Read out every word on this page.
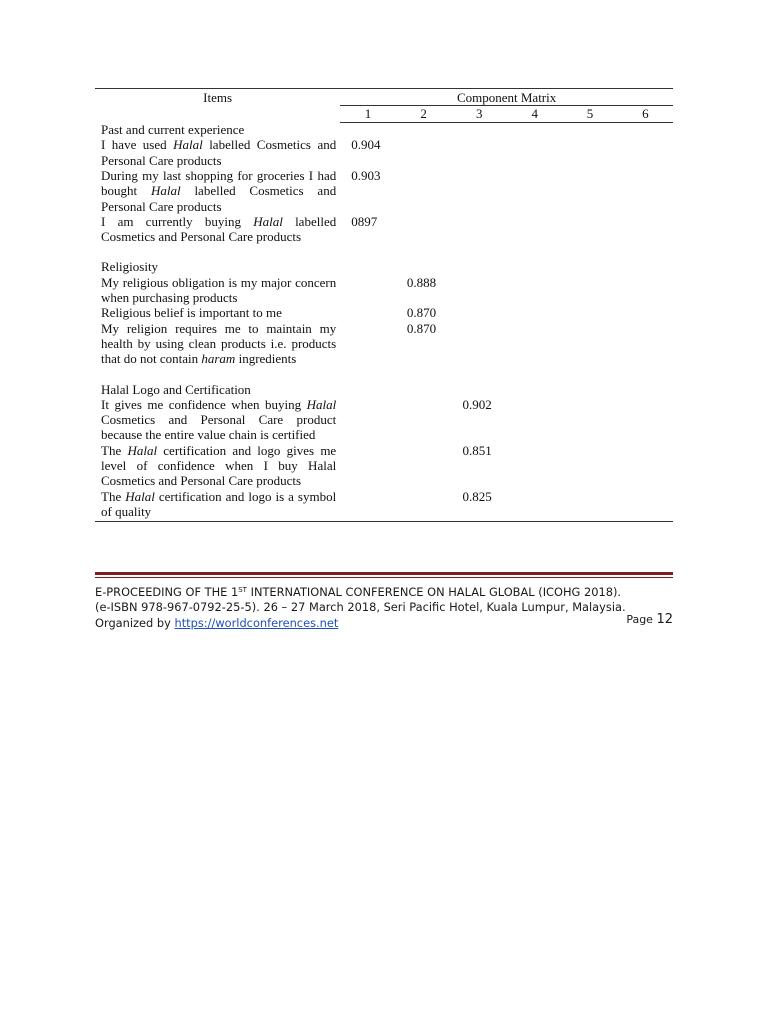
Items	Component Matrix					
	1	2	3	4	5	6
Past and current experience						
I have used Halal labelled Cosmetics and Personal Care products	0.904					
During my last shopping for groceries I had bought Halal labelled Cosmetics and Personal Care products	0.903					
I am currently buying Halal labelled Cosmetics and Personal Care products	0897					

Religiosity						
My religious obligation is my major concern when purchasing products		0.888				
Religious belief is important to me		0.870				
My religion requires me to maintain my health by using clean products i.e. products that do not contain haram ingredients		0.870				

Halal Logo and Certification						
It gives me confidence when buying Halal Cosmetics and Personal Care product because the entire value chain is certified			0.902			
The Halal certification and logo gives me level of confidence when I buy Halal Cosmetics and Personal Care products			0.851			
The Halal certification and logo is a symbol of quality			0.825			
E-PROCEEDING OF THE 1ST INTERNATIONAL CONFERENCE ON HALAL GLOBAL (ICOHG 2018).
(e-ISBN 978-967-0792-25-5). 26 – 27 March 2018, Seri Pacific Hotel, Kuala Lumpur, Malaysia.
Organized by https://worldconferences.net	Page 12
